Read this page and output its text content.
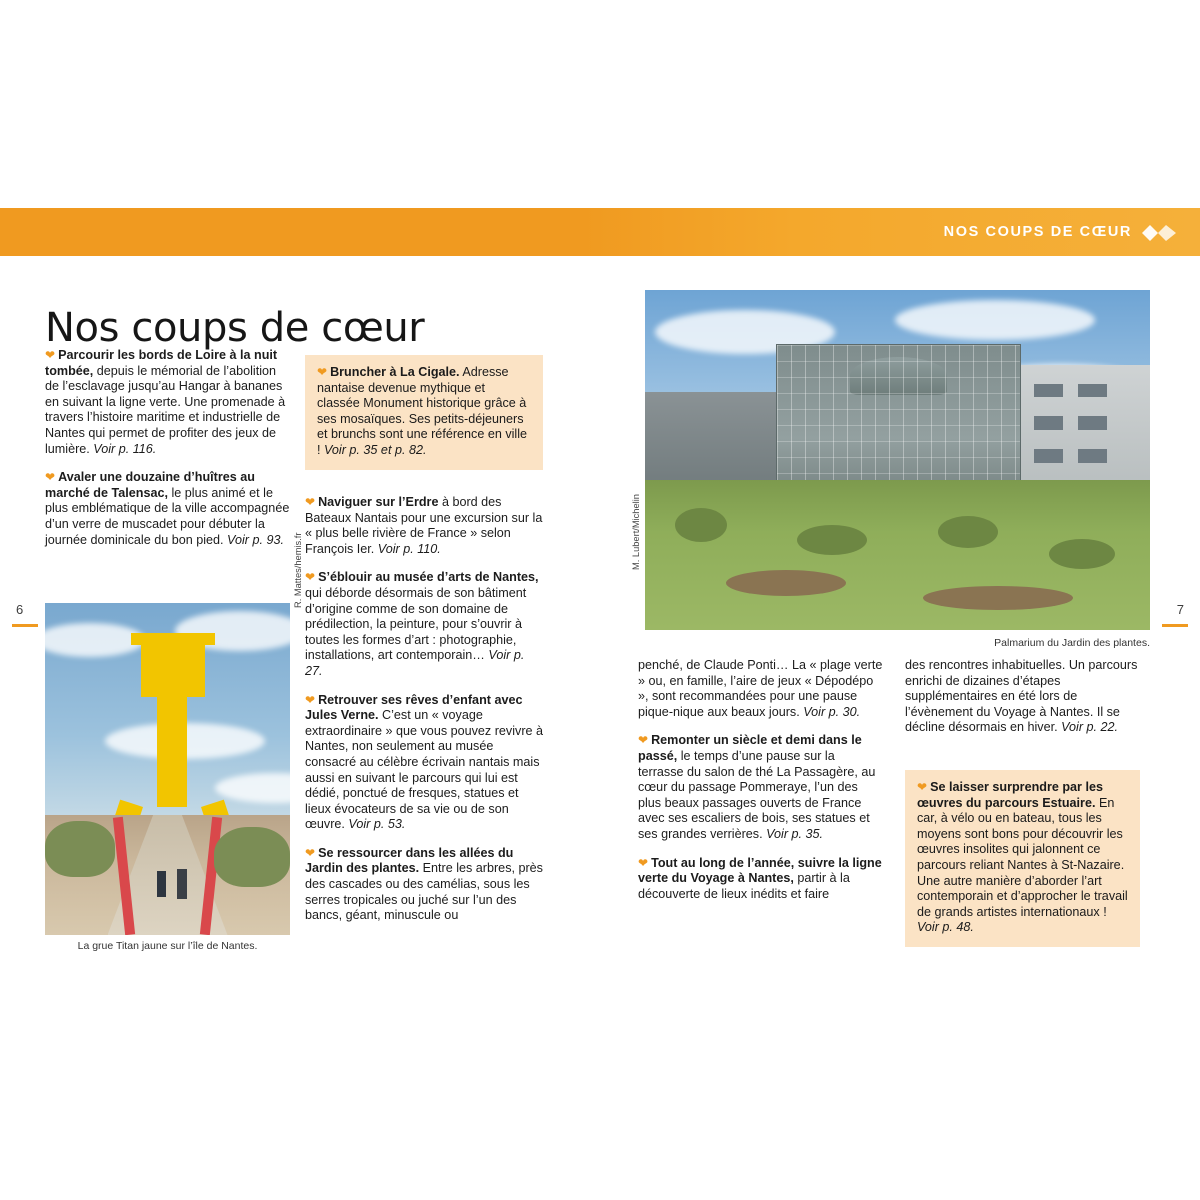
NOS COUPS DE CŒUR
6	7
Nos coups de cœur

❤ Parcourir les bords de Loire à la nuit tombée, depuis le mémorial de l’abolition de l’esclavage jusqu’au Hangar à bananes en suivant la ligne verte. Une promenade à travers l’histoire maritime et industrielle de Nantes qui permet de profiter des jeux de lumière. Voir p. 116.

❤ Avaler une douzaine d’huîtres au marché de Talensac, le plus animé et le plus emblématique de la ville accompagnée d’un verre de muscadet pour débuter la journée dominicale du bon pied. Voir p. 93.

❤ Bruncher à La Cigale. Adresse nantaise devenue mythique et classée Monument historique grâce à ses mosaïques. Ses petits-déjeuners et brunchs sont une référence en ville ! Voir p. 35 et p. 82.

❤ Naviguer sur l’Erdre à bord des Bateaux Nantais pour une excursion sur la « plus belle rivière de France » selon François Ier. Voir p. 110.

❤ S’éblouir au musée d’arts de Nantes, qui déborde désormais de son bâtiment d’origine comme de son domaine de prédilection, la peinture, pour s’ouvrir à toutes les formes d’art : photographie, installations, art contemporain… Voir p. 27.

❤ Retrouver ses rêves d’enfant avec Jules Verne. C’est un « voyage extraordinaire » que vous pouvez revivre à Nantes, non seulement au musée consacré au célèbre écrivain nantais mais aussi en suivant le parcours qui lui est dédié, ponctué de fresques, statues et lieux évocateurs de sa vie ou de son œuvre. Voir p. 53.

❤ Se ressourcer dans les allées du Jardin des plantes. Entre les arbres, près des cascades ou des camélias, sous les serres tropicales ou juché sur l’un des bancs, géant, minuscule ou

R. Mattes/hemis.fr
La grue Titan jaune sur l’île de Nantes.
M. Lubert/Michelin
Palmarium du Jardin des plantes.

penché, de Claude Ponti… La « plage verte » ou, en famille, l’aire de jeux « Dépodépo », sont recommandées pour une pause pique-nique aux beaux jours. Voir p. 30.

❤ Remonter un siècle et demi dans le passé, le temps d’une pause sur la terrasse du salon de thé La Passagère, au cœur du passage Pommeraye, l’un des plus beaux passages ouverts de France avec ses escaliers de bois, ses statues et ses grandes verrières. Voir p. 35.

❤ Tout au long de l’année, suivre la ligne verte du Voyage à Nantes, partir à la découverte de lieux inédits et faire

des rencontres inhabituelles. Un parcours enrichi de dizaines d’étapes supplémentaires en été lors de l’évènement du Voyage à Nantes. Il se décline désormais en hiver. Voir p. 22.

❤ Se laisser surprendre par les œuvres du parcours Estuaire. En car, à vélo ou en bateau, tous les moyens sont bons pour découvrir les œuvres insolites qui jalonnent ce parcours reliant Nantes à St-Nazaire. Une autre manière d’aborder l’art contemporain et d’approcher le travail de grands artistes internationaux ! Voir p. 48.
